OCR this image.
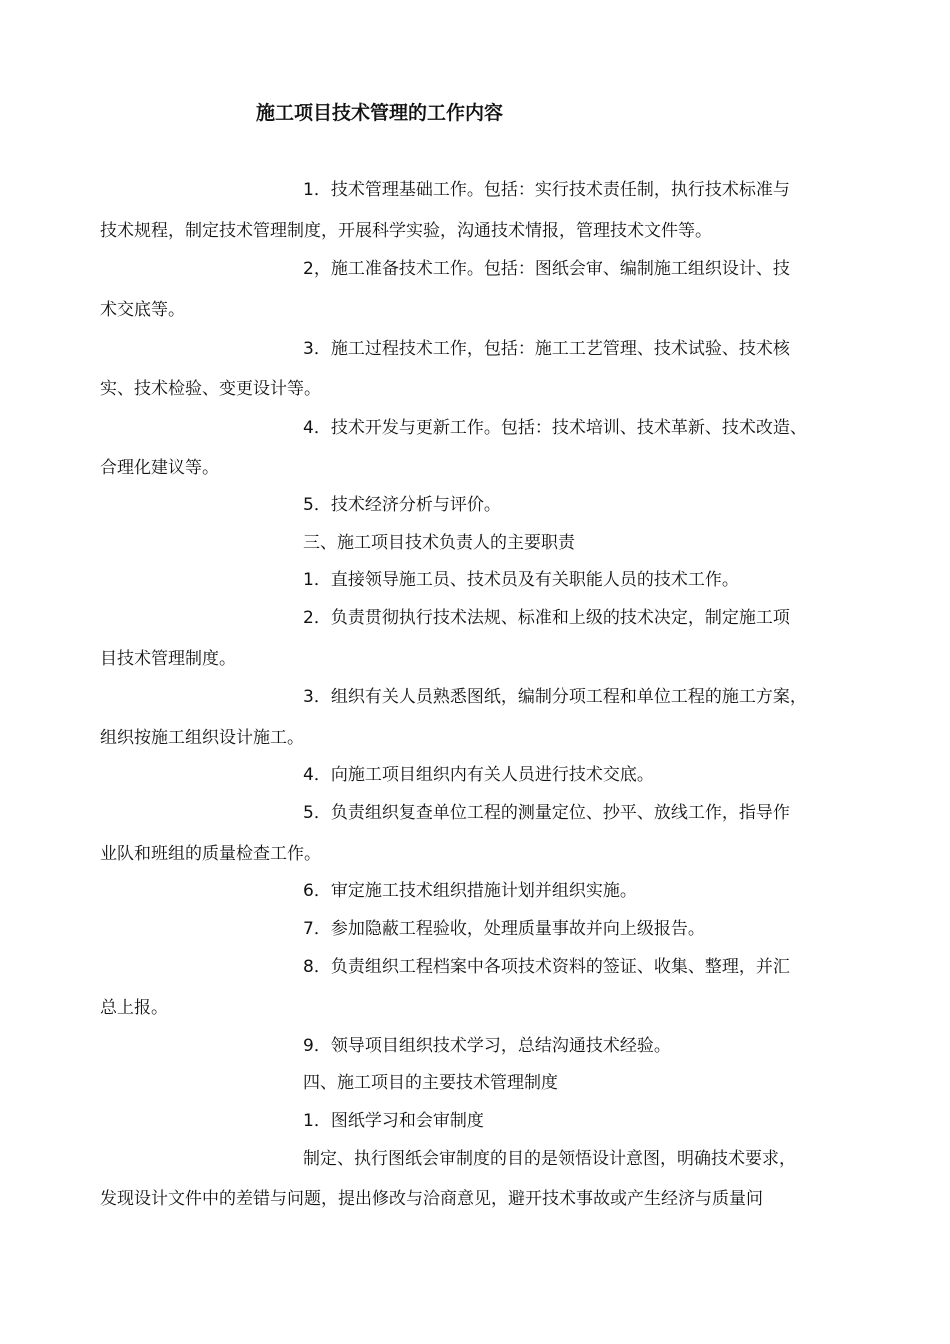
施工项目技术管理的工作内容
1．技术管理基础工作。包括：实行技术责任制，执行技术标准与
技术规程，制定技术管理制度，开展科学实验，沟通技术情报，管理技术文件等。
2，施工准备技术工作。包括：图纸会审、编制施工组织设计、技
术交底等。
3．施工过程技术工作，包括：施工工艺管理、技术试验、技术核
实、技术检验、变更设计等。
4．技术开发与更新工作。包括：技术培训、技术革新、技术改造、
合理化建议等。
5．技术经济分析与评价。
三、施工项目技术负责人的主要职责
1．直接领导施工员、技术员及有关职能人员的技术工作。
2．负责贯彻执行技术法规、标准和上级的技术决定，制定施工项
目技术管理制度。
3．组织有关人员熟悉图纸，编制分项工程和单位工程的施工方案，
组织按施工组织设计施工。
4．向施工项目组织内有关人员进行技术交底。
5．负责组织复查单位工程的测量定位、抄平、放线工作，指导作
业队和班组的质量检查工作。
6．审定施工技术组织措施计划并组织实施。
7．参加隐蔽工程验收，处理质量事故并向上级报告。
8．负责组织工程档案中各项技术资料的签证、收集、整理，并汇
总上报。
9．领导项目组织技术学习，总结沟通技术经验。
四、施工项目的主要技术管理制度
1．图纸学习和会审制度
制定、执行图纸会审制度的目的是领悟设计意图，明确技术要求，
发现设计文件中的差错与问题，提出修改与洽商意见，避开技术事故或产生经济与质量问
